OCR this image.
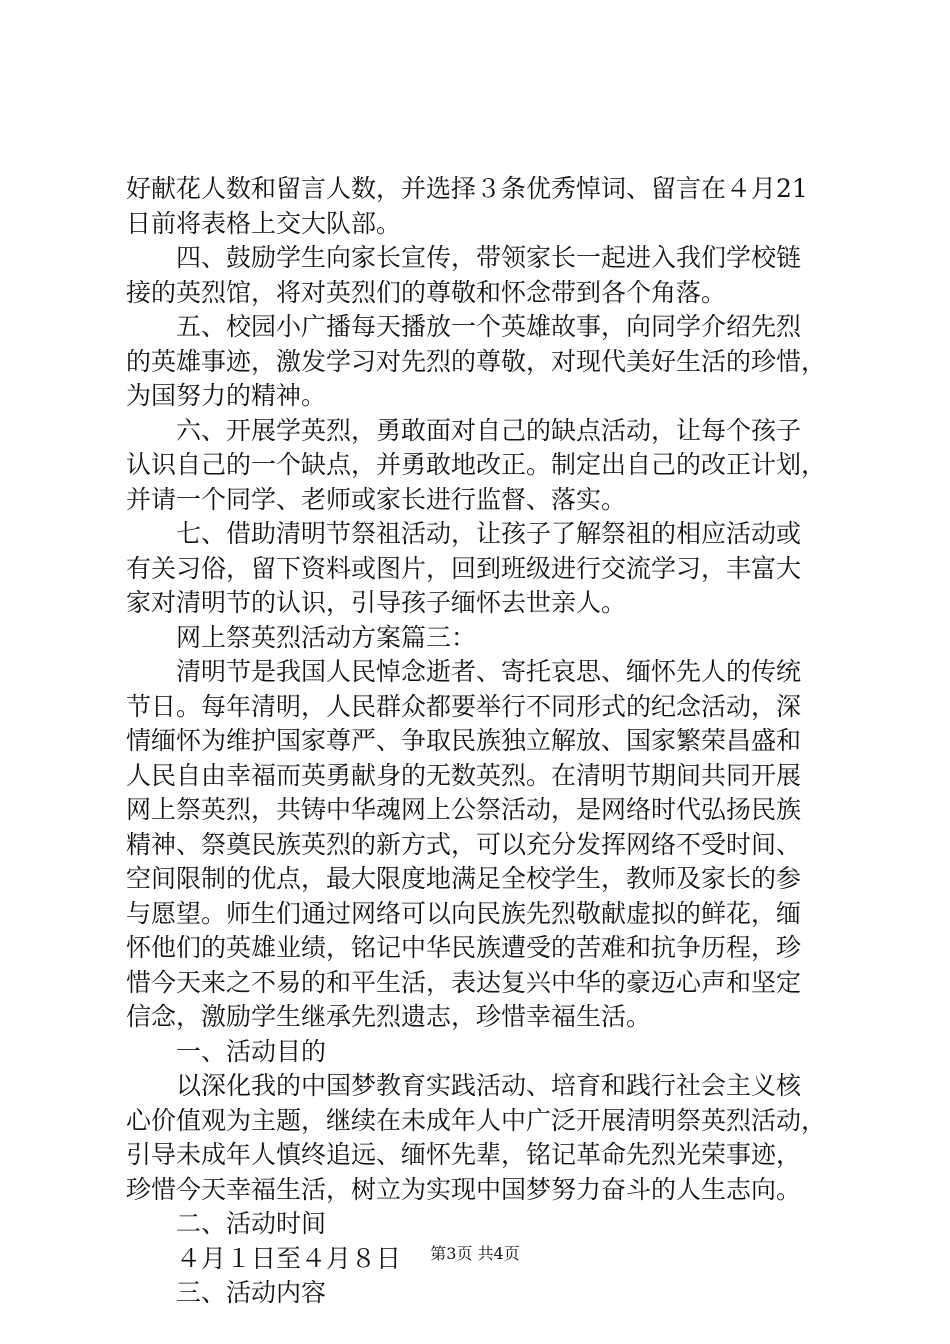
好献花人数和留言人数，并选择３条优秀悼词、留言在４月21
日前将表格上交大队部。
四、鼓励学生向家长宣传，带领家长一起进入我们学校链
接的英烈馆，将对英烈们的尊敬和怀念带到各个角落。
五、校园小广播每天播放一个英雄故事，向同学介绍先烈
的英雄事迹，激发学习对先烈的尊敬，对现代美好生活的珍惜，
为国努力的精神。
六、开展学英烈，勇敢面对自己的缺点活动，让每个孩子
认识自己的一个缺点，并勇敢地改正。制定出自己的改正计划，
并请一个同学、老师或家长进行监督、落实。
七、借助清明节祭祖活动，让孩子了解祭祖的相应活动或
有关习俗，留下资料或图片，回到班级进行交流学习，丰富大
家对清明节的认识，引导孩子缅怀去世亲人。
网上祭英烈活动方案篇三：
清明节是我国人民悼念逝者、寄托哀思、缅怀先人的传统
节日。每年清明，人民群众都要举行不同形式的纪念活动，深
情缅怀为维护国家尊严、争取民族独立解放、国家繁荣昌盛和
人民自由幸福而英勇献身的无数英烈。在清明节期间共同开展
网上祭英烈，共铸中华魂网上公祭活动，是网络时代弘扬民族
精神、祭奠民族英烈的新方式，可以充分发挥网络不受时间、
空间限制的优点，最大限度地满足全校学生，教师及家长的参
与愿望。师生们通过网络可以向民族先烈敬献虚拟的鲜花，缅
怀他们的英雄业绩，铭记中华民族遭受的苦难和抗争历程，珍
惜今天来之不易的和平生活，表达复兴中华的豪迈心声和坚定
信念，激励学生继承先烈遗志，珍惜幸福生活。
一、活动目的
以深化我的中国梦教育实践活动、培育和践行社会主义核
心价值观为主题，继续在未成年人中广泛开展清明祭英烈活动，
引导未成年人慎终追远、缅怀先辈，铭记革命先烈光荣事迹，
珍惜今天幸福生活，树立为实现中国梦努力奋斗的人生志向。
二、活动时间
４月１日至４月８日
三、活动内容
第3页 共4页
